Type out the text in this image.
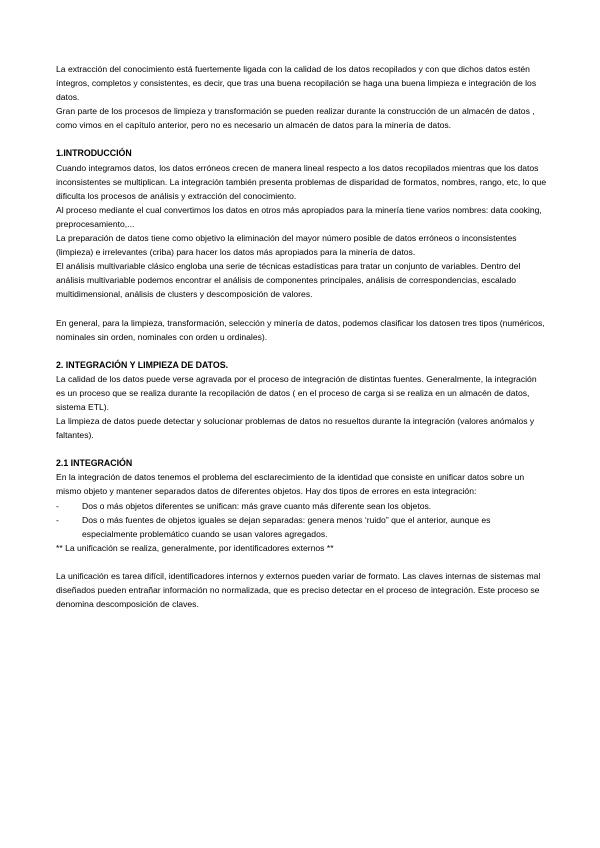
La extracción del conocimiento está fuertemente ligada con la calidad de los datos recopilados y con que dichos datos estén íntegros, completos y consistentes, es decir, que tras una buena recopilación se haga una buena limpieza e integración de los datos.

Gran parte de los procesos de limpieza y transformación se pueden realizar durante la construcción de un almacén de datos , como vimos en el capítulo anterior, pero no es necesario un almacén de datos para la minería de datos.

1.INTRODUCCIÓN

Cuando integramos datos, los datos erróneos crecen de manera lineal respecto a los datos recopilados mientras que los datos inconsistentes se multiplican. La integración también presenta problemas de disparidad de formatos, nombres, rango, etc, lo que dificulta los procesos de análisis y extracción del conocimiento.

Al proceso mediante el cual convertimos los datos en otros más apropiados para la minería tiene varios nombres: data cooking, preprocesamiento,...

La preparación de datos tiene como objetivo la eliminación del mayor número posible de datos erróneos o inconsistentes (limpieza) e irrelevantes (criba) para hacer los datos más apropiados para la minería de datos.

El análisis multivariable clásico engloba una serie de técnicas estadísticas para tratar un conjunto de variables. Dentro del análisis multivariable podemos encontrar el análisis de componentes principales, análisis de correspondencias, escalado multidimensional, análisis de clusters y descomposición de valores.

En general, para la limpieza, transformación, selección y minería de datos, podemos clasificar los datosen tres tipos (numéricos, nominales sin orden, nominales con orden u ordinales).

2. INTEGRACIÓN Y LIMPIEZA DE DATOS.

La calidad de los datos puede verse agravada por el proceso de integración de distintas fuentes. Generalmente, la integración es un proceso que se realiza durante la recopilación de datos ( en el proceso de carga si se realiza en un almacén de datos, sistema ETL).

La limpieza de datos puede detectar y solucionar problemas de datos no resueltos durante la integración (valores anómalos y faltantes).

2.1 INTEGRACIÓN

En la integración de datos tenemos el problema del esclarecimiento de la identidad que consiste en unificar datos sobre un mismo objeto y mantener separados datos de diferentes objetos. Hay dos tipos de errores en esta integración:

-	Dos o más objetos diferentes se unifican: más grave cuanto más diferente sean los objetos.
-	Dos o más fuentes de objetos iguales se dejan separadas: genera menos ‘ruido” que el anterior, aunque es especialmente problemático cuando se usan valores agregados.

** La unificación se realiza, generalmente, por identificadores externos **

La unificación es tarea difícil, identificadores internos y externos pueden variar de formato. Las claves internas de sistemas mal diseñados pueden entrañar información no normalizada, que es preciso detectar en el proceso de integración. Este proceso se denomina descomposición de claves.
